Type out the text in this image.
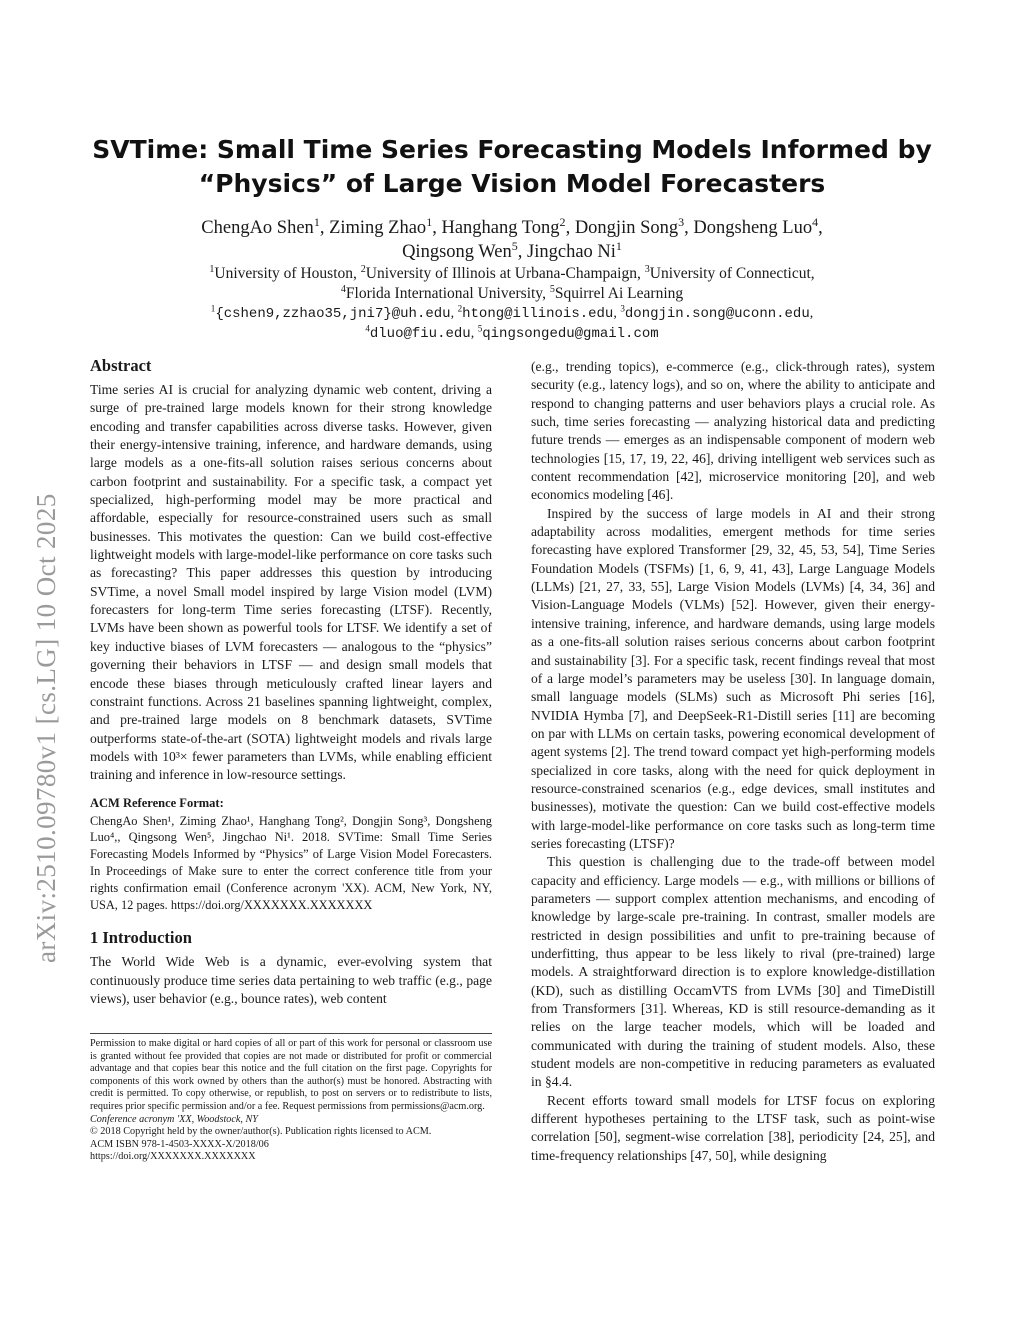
arXiv:2510.09780v1 [cs.LG] 10 Oct 2025
SVTime: Small Time Series Forecasting Models Informed by
“Physics” of Large Vision Model Forecasters
ChengAo Shen$^1$, Ziming Zhao$^1$, Hanghang Tong$^2$, Dongjin Song$^3$, Dongsheng Luo$^4$,
Qingsong Wen$^5$, Jingchao Ni$^1$
$^1$University of Houston, $^2$University of Illinois at Urbana-Champaign, $^3$University of Connecticut,
$^4$Florida International University, $^5$Squirrel Ai Learning
$^1${cshen9,zzhao35,jni7}@uh.edu, $^2$htong@illinois.edu, $^3$dongjin.song@uconn.edu,
$^4$dluo@fiu.edu, $^5$qingsongedu@gmail.com
Abstract

Time series AI is crucial for analyzing dynamic web content, driving a surge of pre-trained large models known for their strong knowledge encoding and transfer capabilities across diverse tasks. However, given their energy-intensive training, inference, and hardware demands, using large models as a one-fits-all solution raises serious concerns about carbon footprint and sustainability. For a specific task, a compact yet specialized, high-performing model may be more practical and affordable, especially for resource-constrained users such as small businesses. This motivates the question: Can we build cost-effective lightweight models with large-model-like performance on core tasks such as forecasting? This paper addresses this question by introducing SVTime, a novel Small model inspired by large Vision model (LVM) forecasters for long-term Time series forecasting (LTSF). Recently, LVMs have been shown as powerful tools for LTSF. We identify a set of key inductive biases of LVM forecasters — analogous to the “physics” governing their behaviors in LTSF — and design small models that encode these biases through meticulously crafted linear layers and constraint functions. Across 21 baselines spanning lightweight, complex, and pre-trained large models on 8 benchmark datasets, SVTime outperforms state-of-the-art (SOTA) lightweight models and rivals large models with 10³× fewer parameters than LVMs, while enabling efficient training and inference in low-resource settings.

ACM Reference Format:

ChengAo Shen¹, Ziming Zhao¹, Hanghang Tong², Dongjin Song³, Dongsheng Luo⁴,, Qingsong Wen⁵, Jingchao Ni¹. 2018. SVTime: Small Time Series Forecasting Models Informed by “Physics” of Large Vision Model Forecasters. In Proceedings of Make sure to enter the correct conference title from your rights confirmation email (Conference acronym 'XX). ACM, New York, NY, USA, 12 pages. https://doi.org/XXXXXXX.XXXXXXX

1 Introduction

The World Wide Web is a dynamic, ever-evolving system that continuously produce time series data pertaining to web traffic (e.g., page views), user behavior (e.g., bounce rates), web content

Permission to make digital or hard copies of all or part of this work for personal or classroom use is granted without fee provided that copies are not made or distributed for profit or commercial advantage and that copies bear this notice and the full citation on the first page. Copyrights for components of this work owned by others than the author(s) must be honored. Abstracting with credit is permitted. To copy otherwise, or republish, to post on servers or to redistribute to lists, requires prior specific permission and/or a fee. Request permissions from permissions@acm.org.

Conference acronym 'XX, Woodstock, NY
© 2018 Copyright held by the owner/author(s). Publication rights licensed to ACM.
ACM ISBN 978-1-4503-XXXX-X/2018/06
https://doi.org/XXXXXXX.XXXXXXX

(e.g., trending topics), e-commerce (e.g., click-through rates), system security (e.g., latency logs), and so on, where the ability to anticipate and respond to changing patterns and user behaviors plays a crucial role. As such, time series forecasting — analyzing historical data and predicting future trends — emerges as an indispensable component of modern web technologies [15, 17, 19, 22, 46], driving intelligent web services such as content recommendation [42], microservice monitoring [20], and web economics modeling [46].

Inspired by the success of large models in AI and their strong adaptability across modalities, emergent methods for time series forecasting have explored Transformer [29, 32, 45, 53, 54], Time Series Foundation Models (TSFMs) [1, 6, 9, 41, 43], Large Language Models (LLMs) [21, 27, 33, 55], Large Vision Models (LVMs) [4, 34, 36] and Vision-Language Models (VLMs) [52]. However, given their energy-intensive training, inference, and hardware demands, using large models as a one-fits-all solution raises serious concerns about carbon footprint and sustainability [3]. For a specific task, recent findings reveal that most of a large model’s parameters may be useless [30]. In language domain, small language models (SLMs) such as Microsoft Phi series [16], NVIDIA Hymba [7], and DeepSeek-R1-Distill series [11] are becoming on par with LLMs on certain tasks, powering economical development of agent systems [2]. The trend toward compact yet high-performing models specialized in core tasks, along with the need for quick deployment in resource-constrained scenarios (e.g., edge devices, small institutes and businesses), motivate the question: Can we build cost-effective models with large-model-like performance on core tasks such as long-term time series forecasting (LTSF)?

This question is challenging due to the trade-off between model capacity and efficiency. Large models — e.g., with millions or billions of parameters — support complex attention mechanisms, and encoding of knowledge by large-scale pre-training. In contrast, smaller models are restricted in design possibilities and unfit to pre-training because of underfitting, thus appear to be less likely to rival (pre-trained) large models. A straightforward direction is to explore knowledge-distillation (KD), such as distilling OccamVTS from LVMs [30] and TimeDistill from Transformers [31]. Whereas, KD is still resource-demanding as it relies on the large teacher models, which will be loaded and communicated with during the training of student models. Also, these student models are non-competitive in reducing parameters as evaluated in §4.4.

Recent efforts toward small models for LTSF focus on exploring different hypotheses pertaining to the LTSF task, such as point-wise correlation [50], segment-wise correlation [38], periodicity [24, 25], and time-frequency relationships [47, 50], while designing
